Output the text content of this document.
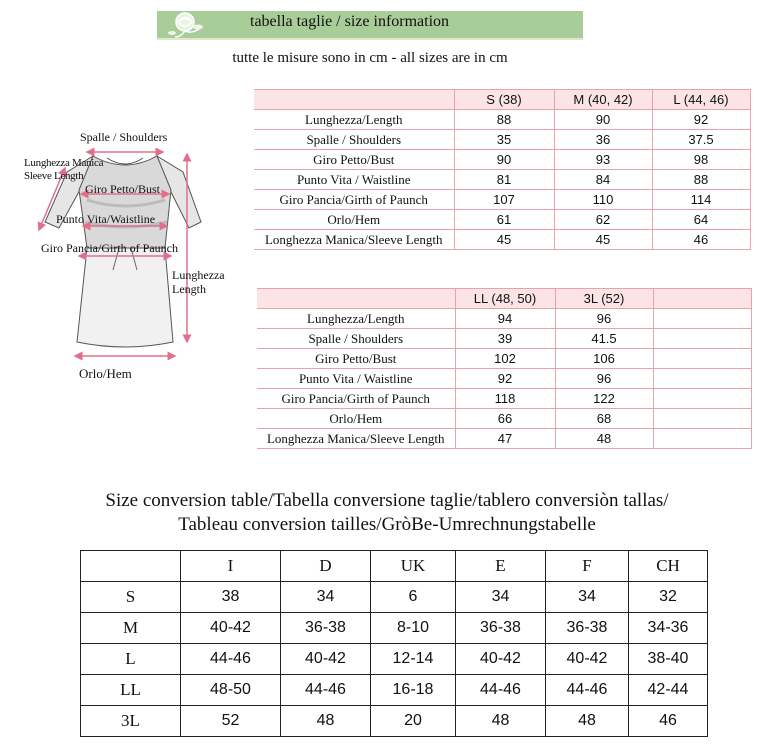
tabella taglie / size information
tutte le misure sono in cm - all sizes are in cm
Spalle / Shoulders
Lunghezza Manica
Sleeve Length
Giro Petto/Bust
Punto Vita/Waistline
Giro Pancia/Girth of Paunch
Lunghezza
Length
Orlo/Hem
	S (38)	M (40, 42)	L (44, 46)
Lunghezza/Length	88	90	92
Spalle / Shoulders	35	36	37.5
Giro Petto/Bust	90	93	98
Punto Vita / Waistline	81	84	88
Giro Pancia/Girth of Paunch	107	110	114
Orlo/Hem	61	62	64
Longhezza Manica/Sleeve Length	45	45	46
	LL (48, 50)	3L (52)	
Lunghezza/Length	94	96	
Spalle / Shoulders	39	41.5	
Giro Petto/Bust	102	106	
Punto Vita / Waistline	92	96	
Giro Pancia/Girth of Paunch	118	122	
Orlo/Hem	66	68	
Longhezza Manica/Sleeve Length	47	48	
Size conversion table/Tabella conversione taglie/tablero conversiòn tallas/
Tableau conversion tailles/GròBe-Umrechnungstabelle
	I	D	UK	E	F	CH
S	38	34	6	34	34	32
M	40-42	36-38	8-10	36-38	36-38	34-36
L	44-46	40-42	12-14	40-42	40-42	38-40
LL	48-50	44-46	16-18	44-46	44-46	42-44
3L	52	48	20	48	48	46
